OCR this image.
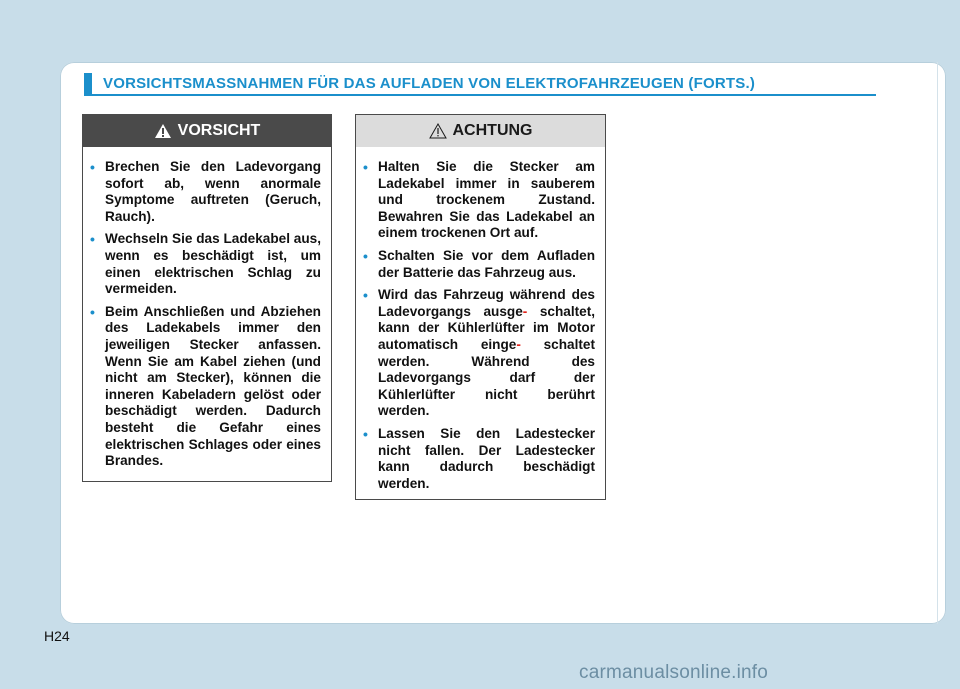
VORSICHTSMASSNAHMEN FÜR DAS AUFLADEN VON ELEKTROFAHRZEUGEN (FORTS.)
VORSICHT
• Brechen Sie den Ladevorgang sofort ab, wenn anormale Symptome auftreten (Geruch, Rauch).
• Wechseln Sie das Ladekabel aus, wenn es beschädigt ist, um einen elektrischen Schlag zu vermeiden.
• Beim Anschließen und Abziehen des Ladekabels immer den jeweiligen Stecker anfassen. Wenn Sie am Kabel ziehen (und nicht am Stecker), können die inneren Kabeladern gelöst oder beschädigt werden. Dadurch besteht die Gefahr eines elektrischen Schlages oder eines Brandes.
ACHTUNG
• Halten Sie die Stecker am Ladekabel immer in sauberem und trockenem Zustand. Bewahren Sie das Ladekabel an einem trockenen Ort auf.
• Schalten Sie vor dem Aufladen der Batterie das Fahrzeug aus.
• Wird das Fahrzeug während des Ladevorgangs ausge- schaltet, kann der Kühlerlüfter im Motor automatisch einge- schaltet werden. Während des Ladevorgangs darf der Kühlerlüfter nicht berührt werden.
• Lassen Sie den Ladestecker nicht fallen. Der Ladestecker kann dadurch beschädigt werden.
H24
carmanualsonline.info
